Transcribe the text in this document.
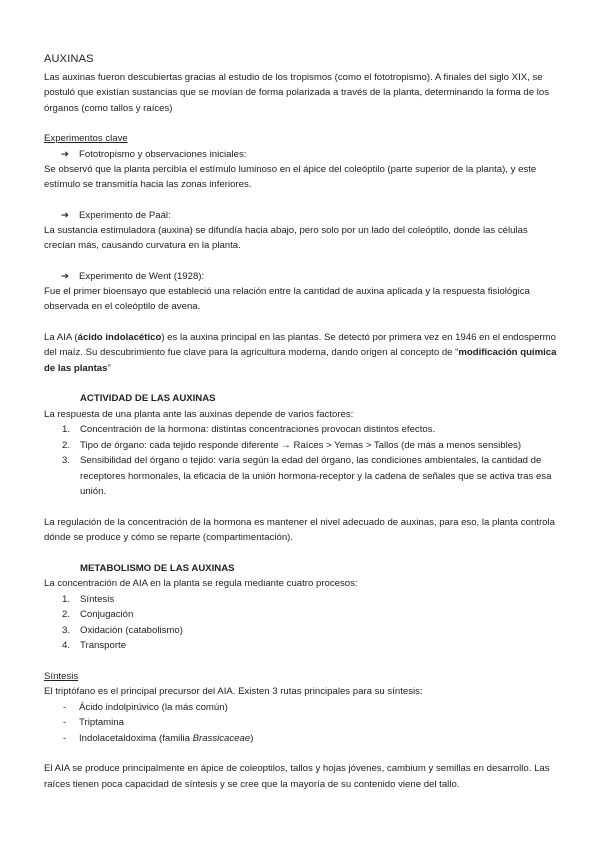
AUXINAS

Las auxinas fueron descubiertas gracias al estudio de los tropismos (como el fototropismo). A finales del siglo XIX, se postuló que existían sustancias que se movían de forma polarizada a través de la planta, determinando la forma de los órganos (como tallos y raíces)

Experimentos clave

➔ Fototropismo y observaciones iniciales:

Se observó que la planta percibía el estímulo luminoso en el ápice del coleóptilo (parte superior de la planta), y este estímulo se transmitía hacia las zonas inferiores.

➔ Experimento de Paál:

La sustancia estimuladora (auxina) se difundía hacia abajo, pero solo por un lado del coleóptilo, donde las células crecían más, causando curvatura en la planta.

➔ Experimento de Went (1928):

Fue el primer bioensayo que estableció una relación entre la cantidad de auxina aplicada y la respuesta fisiológica observada en el coleóptilo de avena.

La AIA (ácido indolacético) es la auxina principal en las plantas. Se detectó por primera vez en 1946 en el endospermo del maíz. Su descubrimiento fue clave para la agricultura moderna, dando origen al concepto de “modificación química de las plantas”

ACTIVIDAD DE LAS AUXINAS

La respuesta de una planta ante las auxinas depende de varios factores:

1.	Concentración de la hormona: distintas concentraciones provocan distintos efectos.
2.	Tipo de órgano: cada tejido responde diferente → Raíces > Yemas > Tallos (de más a menos sensibles)
3.	Sensibilidad del órgano o tejido: varía según la edad del órgano, las condiciones ambientales, la cantidad de receptores hormonales, la eficacia de la unión hormona-receptor y la cadena de señales que se activa tras esa unión.

La regulación de la concentración de la hormona es mantener el nivel adecuado de auxinas, para eso, la planta controla dónde se produce y cómo se reparte (compartimentación).

METABOLISMO DE LAS AUXINAS

La concentración de AIA en la planta se regula mediante cuatro procesos:

1.	Síntesis
2.	Conjugación
3.	Oxidación (catabolismo)
4.	Transporte

Síntesis

El triptófano es el principal precursor del AIA. Existen 3 rutas principales para su síntesis:

-	Ácido indolpirúvico (la más común)
-	Triptamina
-	Indolacetaldoxima (familia Brassicaceae)

El AIA se produce principalmente en ápice de coleoptilos, tallos y hojas jóvenes, cambium y semillas en desarrollo. Las raíces tienen poca capacidad de síntesis y se cree que la mayoría de su contenido viene del tallo.
